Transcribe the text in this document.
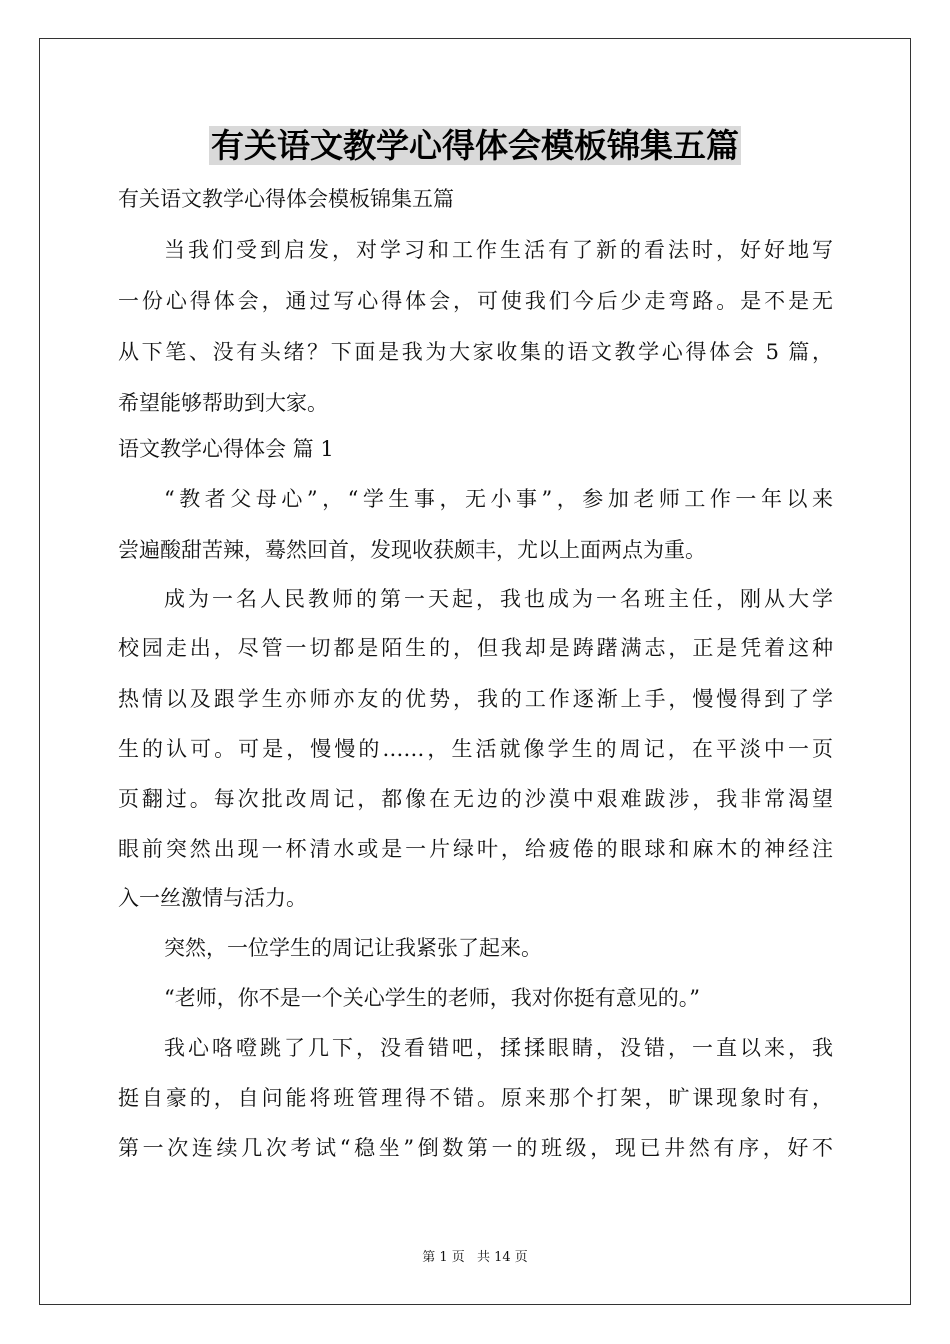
有关语文教学心得体会模板锦集五篇

有关语文教学心得体会模板锦集五篇

当我们受到启发，对学习和工作生活有了新的看法时，好好地写

一份心得体会，通过写心得体会，可使我们今后少走弯路。是不是无

从下笔、没有头绪？下面是我为大家收集的语文教学心得体会 5 篇，

希望能够帮助到大家。

语文教学心得体会 篇 1

“教者父母心”，“学生事，无小事”，参加老师工作一年以来

尝遍酸甜苦辣，蓦然回首，发现收获颇丰，尤以上面两点为重。

成为一名人民教师的第一天起，我也成为一名班主任，刚从大学

校园走出，尽管一切都是陌生的，但我却是踌躇满志，正是凭着这种

热情以及跟学生亦师亦友的优势，我的工作逐渐上手，慢慢得到了学

生的认可。可是，慢慢的……，生活就像学生的周记，在平淡中一页

页翻过。每次批改周记，都像在无边的沙漠中艰难跋涉，我非常渴望

眼前突然出现一杯清水或是一片绿叶，给疲倦的眼球和麻木的神经注

入一丝激情与活力。

突然，一位学生的周记让我紧张了起来。

“老师，你不是一个关心学生的老师，我对你挺有意见的。”

我心咯噔跳了几下，没看错吧，揉揉眼睛，没错，一直以来，我

挺自豪的，自问能将班管理得不错。原来那个打架，旷课现象时有，

第一次连续几次考试“稳坐”倒数第一的班级，现已井然有序，好不

第 1 页 共 14 页
